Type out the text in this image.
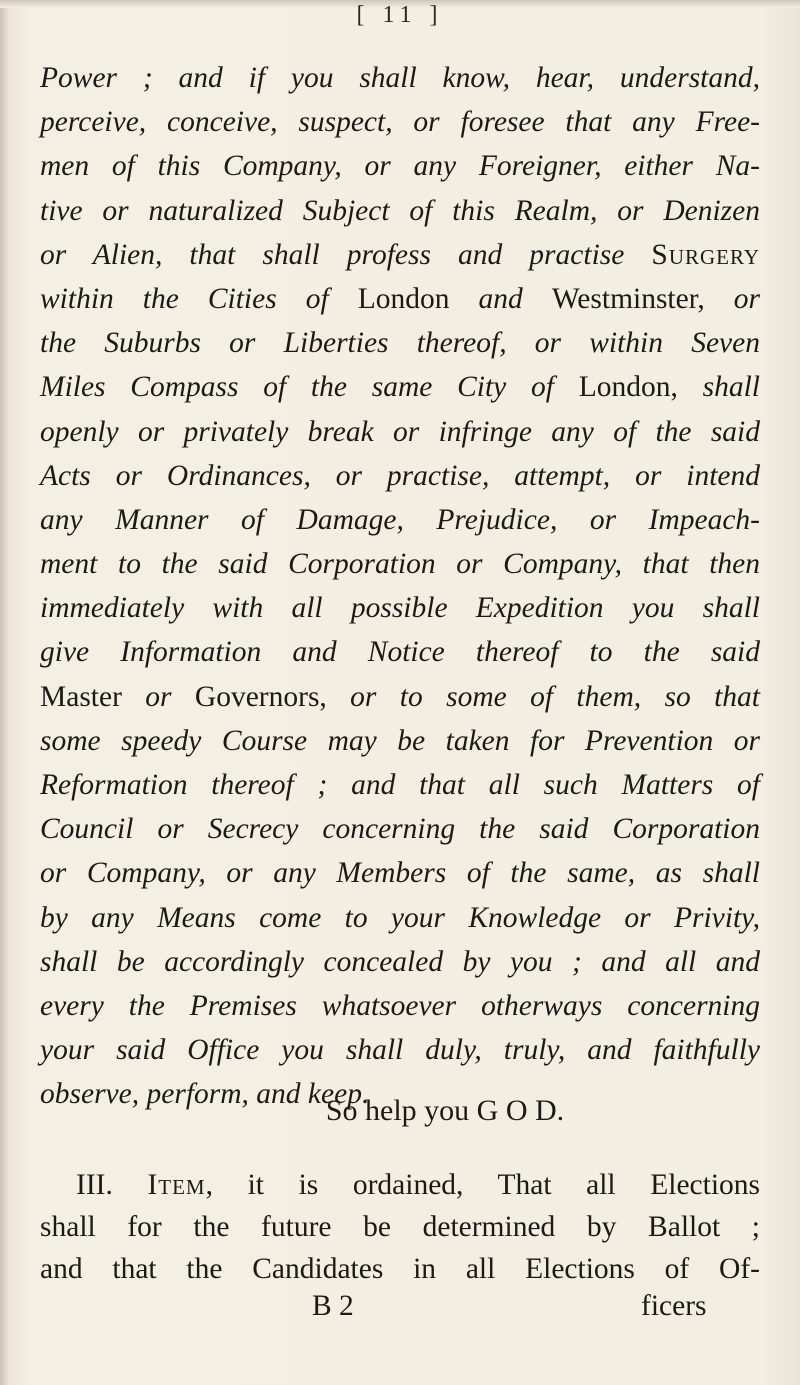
[ 11 ]
Power ; and if you shall know, hear, understand,
perceive, conceive, suspect, or foresee that any Free-
men of this Company, or any Foreigner, either Na-
tive or naturalized Subject of this Realm, or Denizen
or Alien, that shall profess and practise Surgery
within the Cities of London and Westminster, or
the Suburbs or Liberties thereof, or within Seven
Miles Compass of the same City of London, shall
openly or privately break or infringe any of the said
Acts or Ordinances, or practise, attempt, or intend
any Manner of Damage, Prejudice, or Impeach-
ment to the said Corporation or Company, that then
immediately with all possible Expedition you shall
give Information and Notice thereof to the said
Master or Governors, or to some of them, so that
some speedy Course may be taken for Prevention or
Reformation thereof ; and that all such Matters of
Council or Secrecy concerning the said Corporation
or Company, or any Members of the same, as shall
by any Means come to your Knowledge or Privity,
shall be accordingly concealed by you ; and all and
every the Premises whatsoever otherways concerning
your said Office you shall duly, truly, and faithfully
observe, perform, and keep.
So help you G O D.
III. Item, it is ordained, That all Elections
shall for the future be determined by Ballot ;
and that the Candidates in all Elections of Of-
B 2	ficers
